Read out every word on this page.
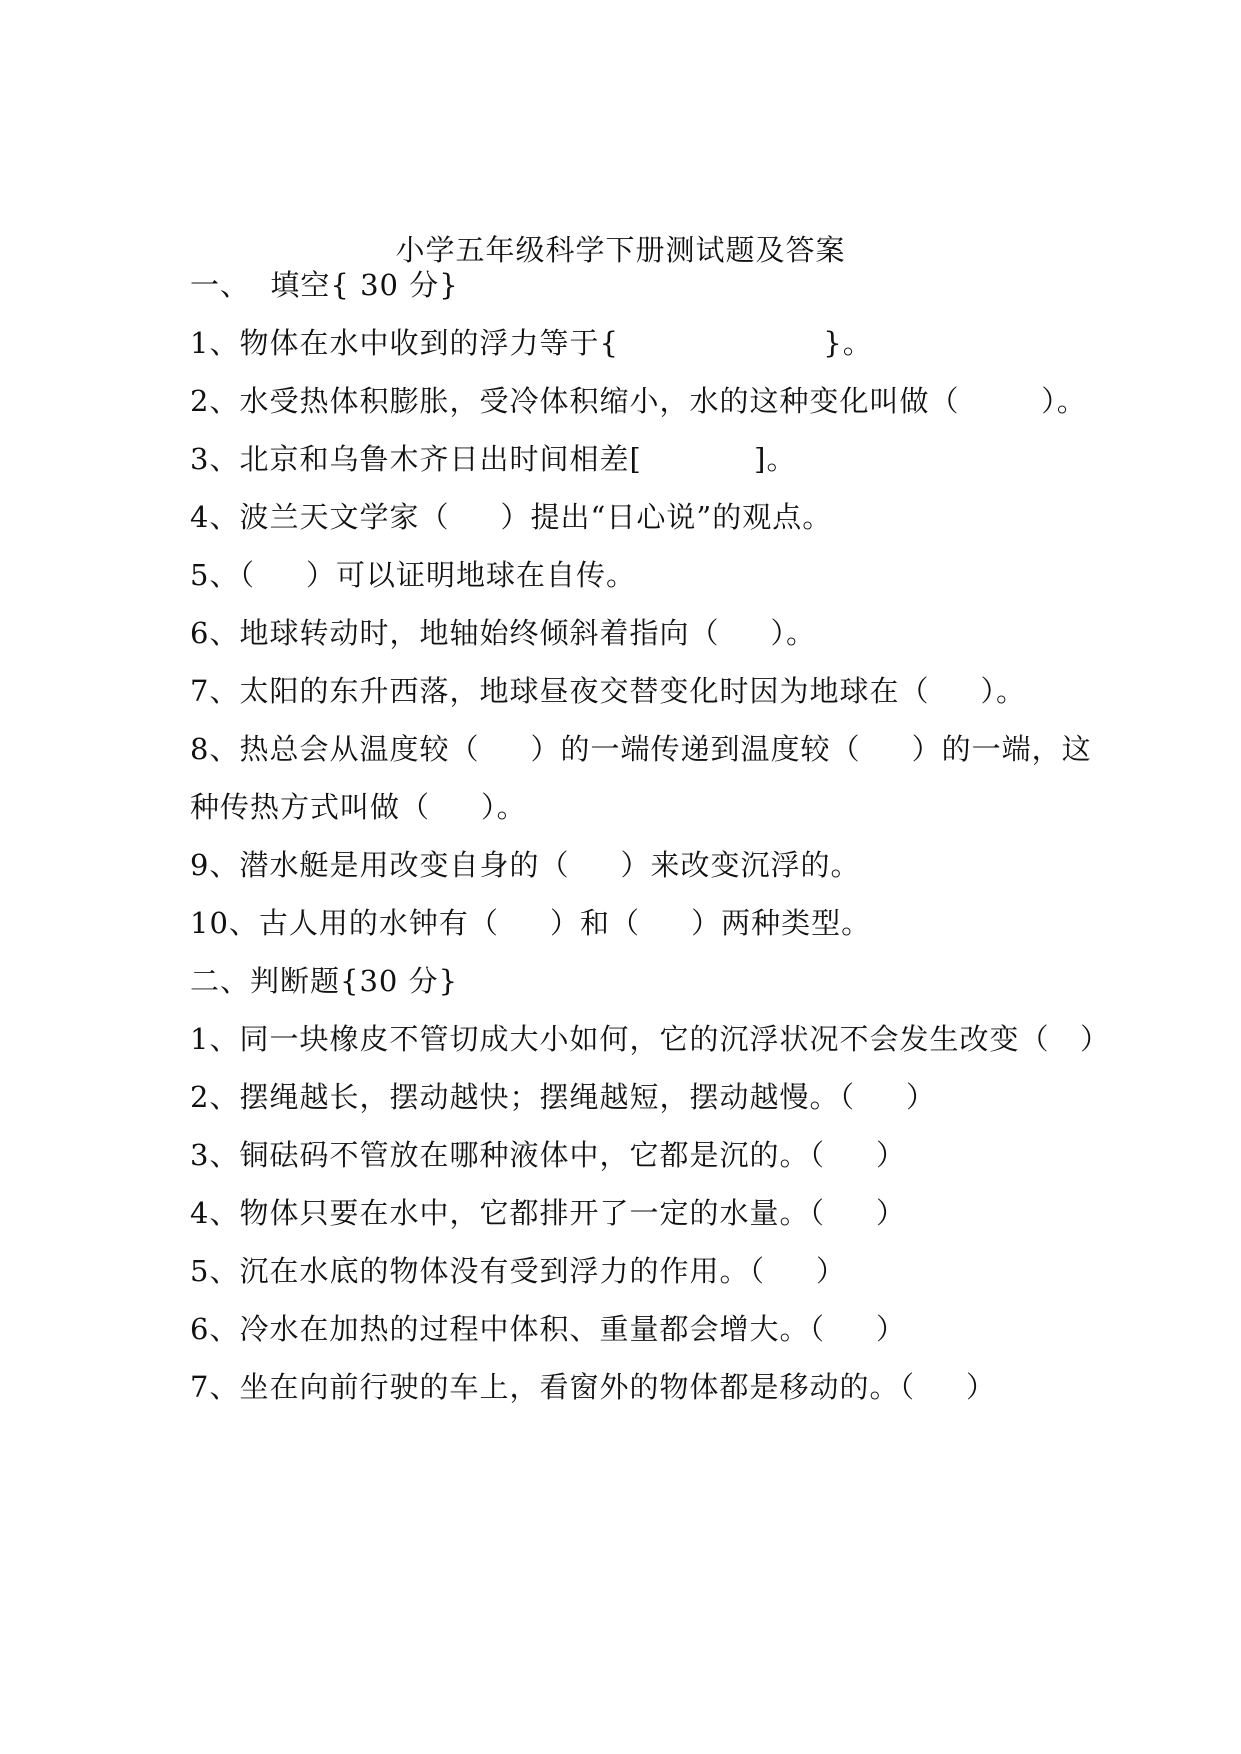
小学五年级科学下册测试题及答案
一、  填空{ 30 分}
1、物体在水中收到的浮力等于{                    }。
2、水受热体积膨胀，受冷体积缩小，水的这种变化叫做（        ）。
3、北京和乌鲁木齐日出时间相差[           ]。
4、波兰天文学家（     ）提出“日心说”的观点。
5、（     ）可以证明地球在自传。
6、地球转动时，地轴始终倾斜着指向（     ）。
7、太阳的东升西落，地球昼夜交替变化时因为地球在（     ）。
8、热总会从温度较（     ）的一端传递到温度较（     ）的一端，这
种传热方式叫做（     ）。
9、潜水艇是用改变自身的（     ）来改变沉浮的。
10、古人用的水钟有（     ）和（     ）两种类型。
二、判断题{30 分}
1、同一块橡皮不管切成大小如何，它的沉浮状况不会发生改变（   ）
2、摆绳越长，摆动越快；摆绳越短，摆动越慢。（     ）
3、铜砝码不管放在哪种液体中，它都是沉的。（     ）
4、物体只要在水中，它都排开了一定的水量。（     ）
5、沉在水底的物体没有受到浮力的作用。（     ）
6、冷水在加热的过程中体积、重量都会增大。（     ）
7、坐在向前行驶的车上，看窗外的物体都是移动的。（     ）
